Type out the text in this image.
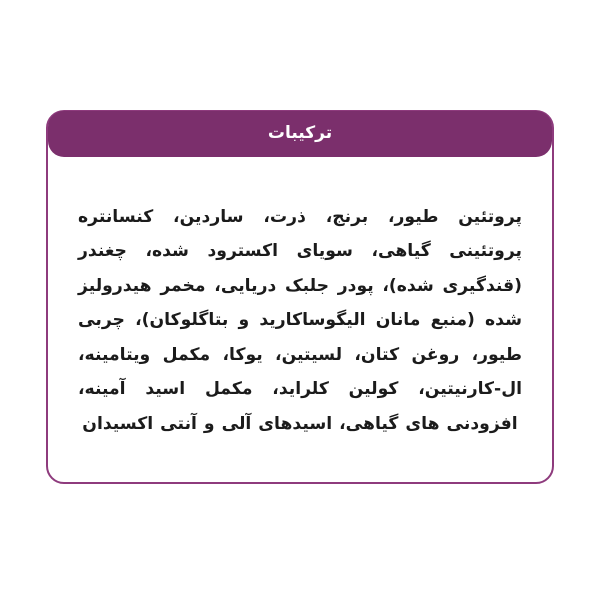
ترکیبات

پروتئین طیور، برنج، ذرت، ساردین، کنسانتره پروتئینی گیاهی، سویای اکسترود شده، چغندر (قندگیری شده)، پودر جلبک دریایی، مخمر هیدرولیز شده (منبع مانان الیگوساکارید و بتاگلوکان)، چربی طیور، روغن کتان، لسیتین، یوکا، مکمل ویتامینه، ال-کارنیتین، کولین کلراید، مکمل اسید آمینه، افزودنی های گیاهی، اسیدهای آلی و آنتی اکسیدان
